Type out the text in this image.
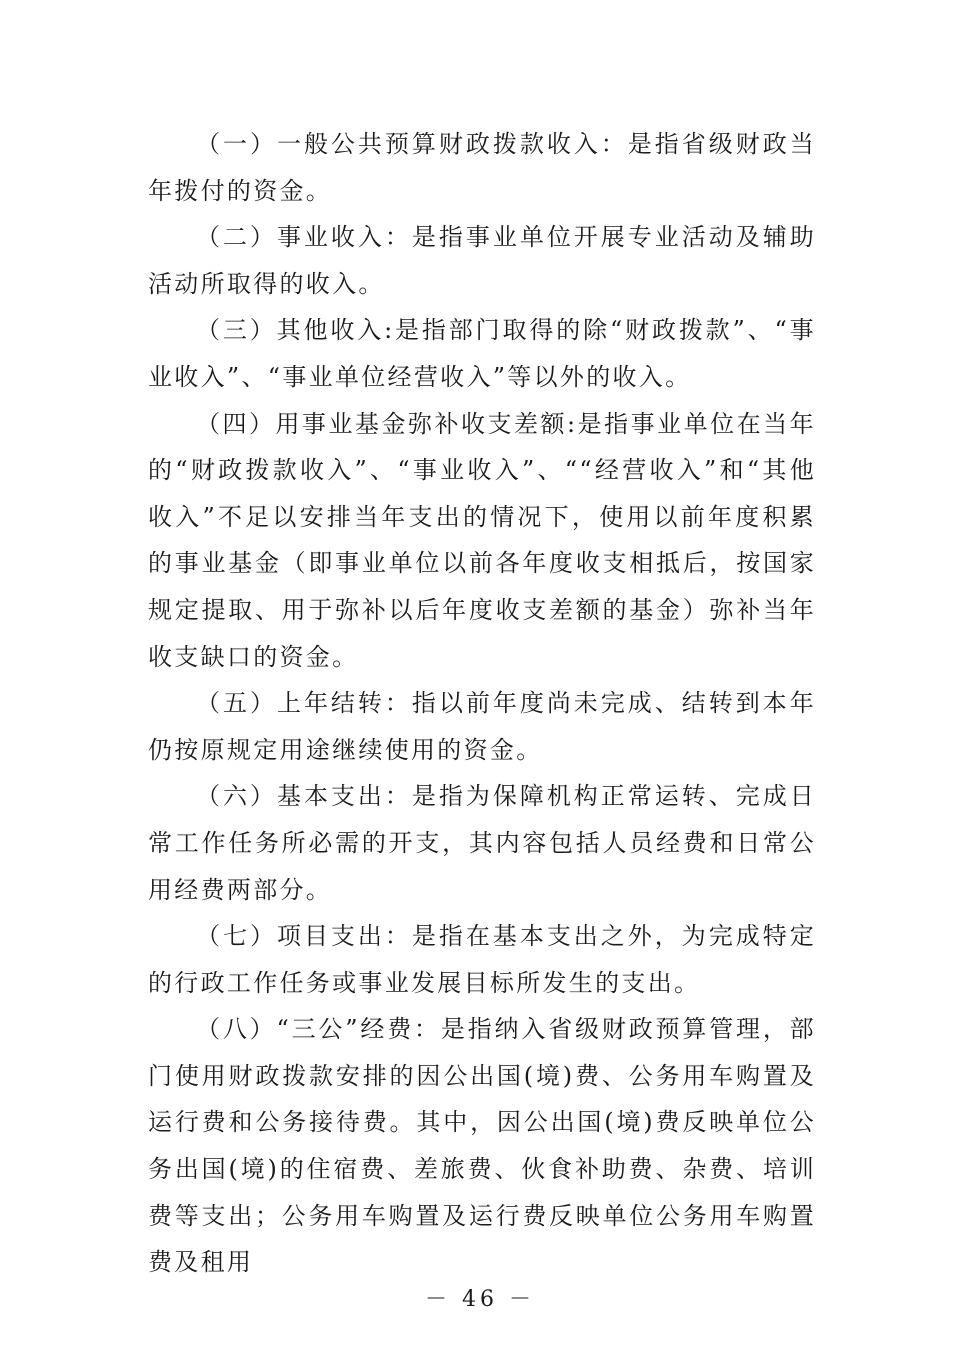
（一）一般公共预算财政拨款收入：是指省级财政当年拨付的资金。

（二）事业收入：是指事业单位开展专业活动及辅助活动所取得的收入。

（三）其他收入:是指部门取得的除“财政拨款”、“事业收入”、“事业单位经营收入”等以外的收入。

（四）用事业基金弥补收支差额:是指事业单位在当年的“财政拨款收入”、“事业收入”、““经营收入”和“其他收入”不足以安排当年支出的情况下，使用以前年度积累的事业基金（即事业单位以前各年度收支相抵后，按国家规定提取、用于弥补以后年度收支差额的基金）弥补当年收支缺口的资金。

（五）上年结转：指以前年度尚未完成、结转到本年仍按原规定用途继续使用的资金。

（六）基本支出：是指为保障机构正常运转、完成日常工作任务所必需的开支，其内容包括人员经费和日常公用经费两部分。

（七）项目支出：是指在基本支出之外，为完成特定的行政工作任务或事业发展目标所发生的支出。

（八）“三公”经费：是指纳入省级财政预算管理，部门使用财政拨款安排的因公出国(境)费、公务用车购置及运行费和公务接待费。其中，因公出国(境)费反映单位公务出国(境)的住宿费、差旅费、伙食补助费、杂费、培训费等支出；公务用车购置及运行费反映单位公务用车购置费及租用

－ 46 －
